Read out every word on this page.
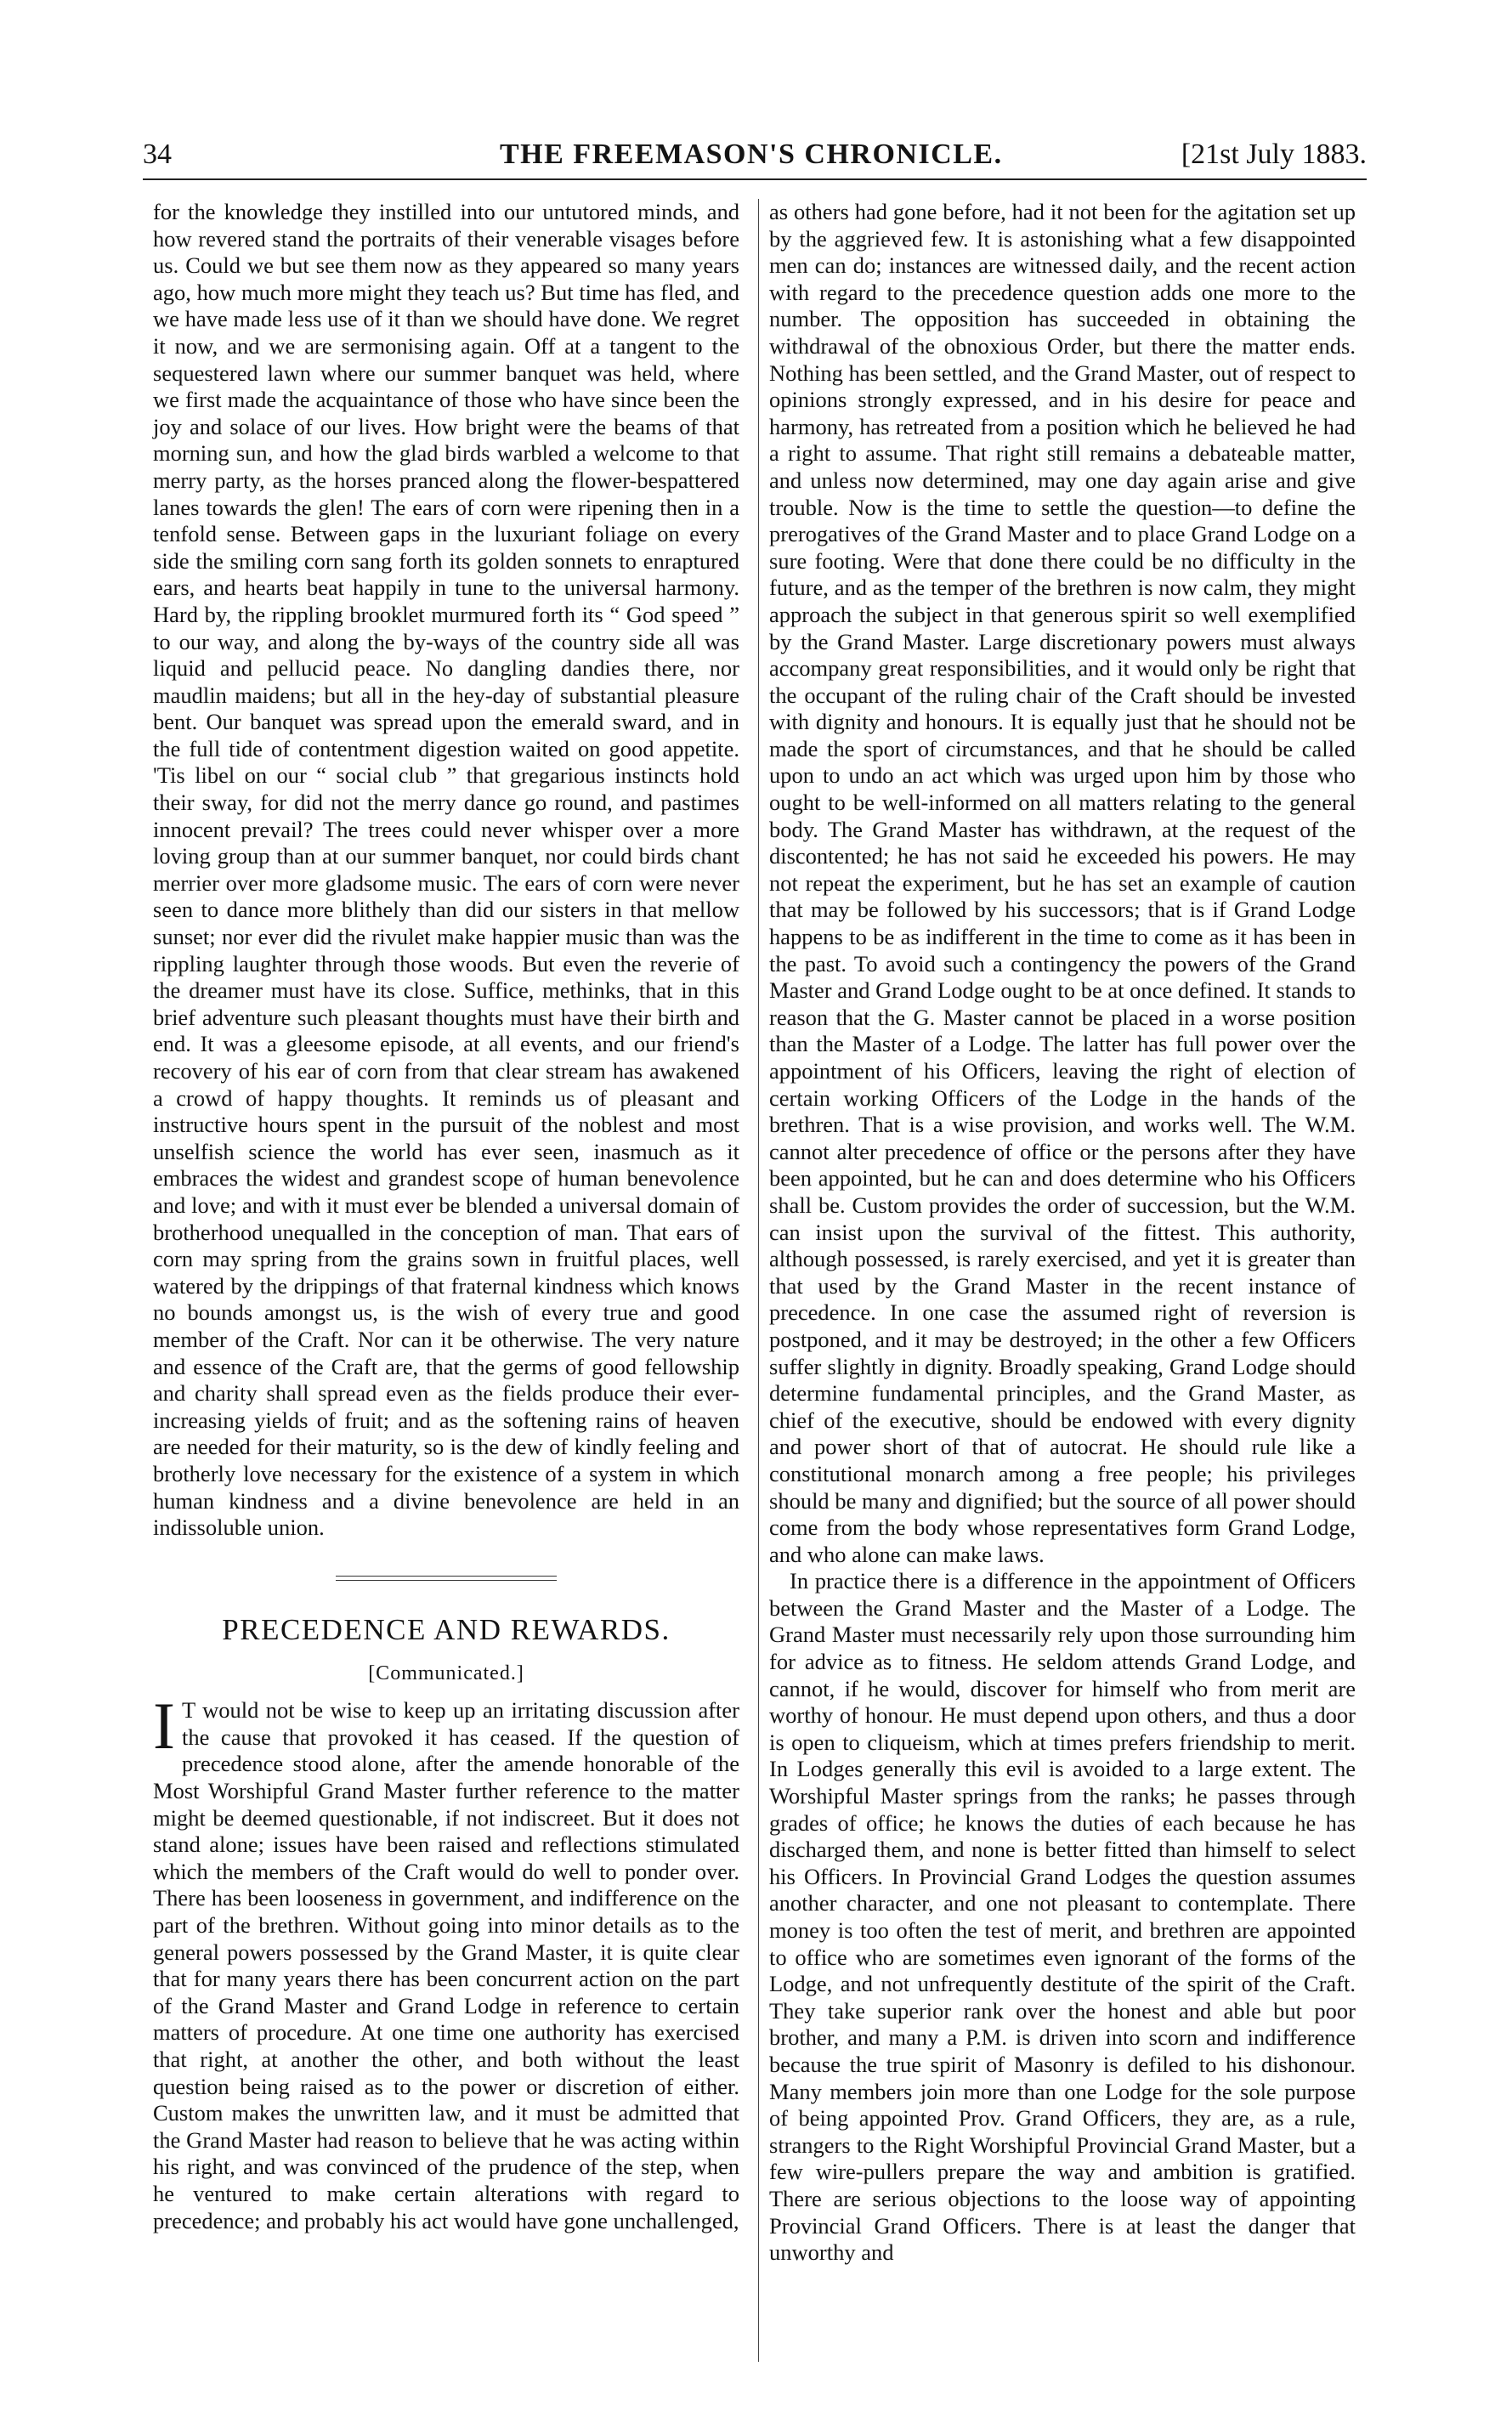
34	THE FREEMASON'S CHRONICLE.	[21st July 1883.

for the knowledge they instilled into our untutored minds, and how revered stand the portraits of their venerable visages before us. Could we but see them now as they appeared so many years ago, how much more might they teach us? But time has fled, and we have made less use of it than we should have done. We regret it now, and we are sermonising again. Off at a tangent to the sequestered lawn where our summer banquet was held, where we first made the acquaintance of those who have since been the joy and solace of our lives. How bright were the beams of that morning sun, and how the glad birds warbled a welcome to that merry party, as the horses pranced along the flower-bespattered lanes towards the glen! The ears of corn were ripening then in a tenfold sense. Between gaps in the luxuriant foliage on every side the smiling corn sang forth its golden sonnets to enraptured ears, and hearts beat happily in tune to the universal harmony. Hard by, the rippling brooklet murmured forth its “ God speed ” to our way, and along the by-ways of the country side all was liquid and pellucid peace. No dangling dandies there, nor maudlin maidens; but all in the hey-day of substantial pleasure bent. Our banquet was spread upon the emerald sward, and in the full tide of contentment digestion waited on good appetite. 'Tis libel on our “ social club ” that gregarious instincts hold their sway, for did not the merry dance go round, and pastimes innocent prevail? The trees could never whisper over a more loving group than at our summer banquet, nor could birds chant merrier over more gladsome music. The ears of corn were never seen to dance more blithely than did our sisters in that mellow sunset; nor ever did the rivulet make happier music than was the rippling laughter through those woods. But even the reverie of the dreamer must have its close. Suffice, methinks, that in this brief adventure such pleasant thoughts must have their birth and end. It was a gleesome episode, at all events, and our friend's recovery of his ear of corn from that clear stream has awakened a crowd of happy thoughts. It reminds us of pleasant and instructive hours spent in the pursuit of the noblest and most unselfish science the world has ever seen, inasmuch as it embraces the widest and grandest scope of human benevolence and love; and with it must ever be blended a universal domain of brotherhood unequalled in the conception of man. That ears of corn may spring from the grains sown in fruitful places, well watered by the drippings of that fraternal kindness which knows no bounds amongst us, is the wish of every true and good member of the Craft. Nor can it be otherwise. The very nature and essence of the Craft are, that the germs of good fellowship and charity shall spread even as the fields produce their ever-increasing yields of fruit; and as the softening rains of heaven are needed for their maturity, so is the dew of kindly feeling and brotherly love necessary for the existence of a system in which human kindness and a divine benevolence are held in an indissoluble union.

PRECEDENCE AND REWARDS.
[Communicated.]

I T would not be wise to keep up an irritating discussion after the cause that provoked it has ceased. If the question of precedence stood alone, after the amende honorable of the Most Worshipful Grand Master further reference to the matter might be deemed questionable, if not indiscreet. But it does not stand alone; issues have been raised and reflections stimulated which the members of the Craft would do well to ponder over. There has been looseness in government, and indifference on the part of the brethren. Without going into minor details as to the general powers possessed by the Grand Master, it is quite clear that for many years there has been concurrent action on the part of the Grand Master and Grand Lodge in reference to certain matters of procedure. At one time one authority has exercised that right, at another the other, and both without the least question being raised as to the power or discretion of either. Custom makes the unwritten law, and it must be admitted that the Grand Master had reason to believe that he was acting within his right, and was convinced of the prudence of the step, when he ventured to make certain alterations with regard to precedence; and probably his act would have gone unchallenged,

as others had gone before, had it not been for the agitation set up by the aggrieved few. It is astonishing what a few disappointed men can do; instances are witnessed daily, and the recent action with regard to the precedence question adds one more to the number. The opposition has succeeded in obtaining the withdrawal of the obnoxious Order, but there the matter ends. Nothing has been settled, and the Grand Master, out of respect to opinions strongly expressed, and in his desire for peace and harmony, has retreated from a position which he believed he had a right to assume. That right still remains a debateable matter, and unless now determined, may one day again arise and give trouble. Now is the time to settle the question—to define the prerogatives of the Grand Master and to place Grand Lodge on a sure footing. Were that done there could be no difficulty in the future, and as the temper of the brethren is now calm, they might approach the subject in that generous spirit so well exemplified by the Grand Master. Large discretionary powers must always accompany great responsibilities, and it would only be right that the occupant of the ruling chair of the Craft should be invested with dignity and honours. It is equally just that he should not be made the sport of circumstances, and that he should be called upon to undo an act which was urged upon him by those who ought to be well-informed on all matters relating to the general body. The Grand Master has withdrawn, at the request of the discontented; he has not said he exceeded his powers. He may not repeat the experiment, but he has set an example of caution that may be followed by his successors; that is if Grand Lodge happens to be as indifferent in the time to come as it has been in the past. To avoid such a contingency the powers of the Grand Master and Grand Lodge ought to be at once defined. It stands to reason that the G. Master cannot be placed in a worse position than the Master of a Lodge. The latter has full power over the appointment of his Officers, leaving the right of election of certain working Officers of the Lodge in the hands of the brethren. That is a wise provision, and works well. The W.M. cannot alter precedence of office or the persons after they have been appointed, but he can and does determine who his Officers shall be. Custom provides the order of succession, but the W.M. can insist upon the survival of the fittest. This authority, although possessed, is rarely exercised, and yet it is greater than that used by the Grand Master in the recent instance of precedence. In one case the assumed right of reversion is postponed, and it may be destroyed; in the other a few Officers suffer slightly in dignity. Broadly speaking, Grand Lodge should determine fundamental principles, and the Grand Master, as chief of the executive, should be endowed with every dignity and power short of that of autocrat. He should rule like a constitutional monarch among a free people; his privileges should be many and dignified; but the source of all power should come from the body whose representatives form Grand Lodge, and who alone can make laws.

In practice there is a difference in the appointment of Officers between the Grand Master and the Master of a Lodge. The Grand Master must necessarily rely upon those surrounding him for advice as to fitness. He seldom attends Grand Lodge, and cannot, if he would, discover for himself who from merit are worthy of honour. He must depend upon others, and thus a door is open to cliqueism, which at times prefers friendship to merit. In Lodges generally this evil is avoided to a large extent. The Worshipful Master springs from the ranks; he passes through grades of office; he knows the duties of each because he has discharged them, and none is better fitted than himself to select his Officers. In Provincial Grand Lodges the question assumes another character, and one not pleasant to contemplate. There money is too often the test of merit, and brethren are appointed to office who are sometimes even ignorant of the forms of the Lodge, and not unfrequently destitute of the spirit of the Craft. They take superior rank over the honest and able but poor brother, and many a P.M. is driven into scorn and indifference because the true spirit of Masonry is defiled to his dishonour. Many members join more than one Lodge for the sole purpose of being appointed Prov. Grand Officers, they are, as a rule, strangers to the Right Worshipful Provincial Grand Master, but a few wire-pullers prepare the way and ambition is gratified. There are serious objections to the loose way of appointing Provincial Grand Officers. There is at least the danger that unworthy and
